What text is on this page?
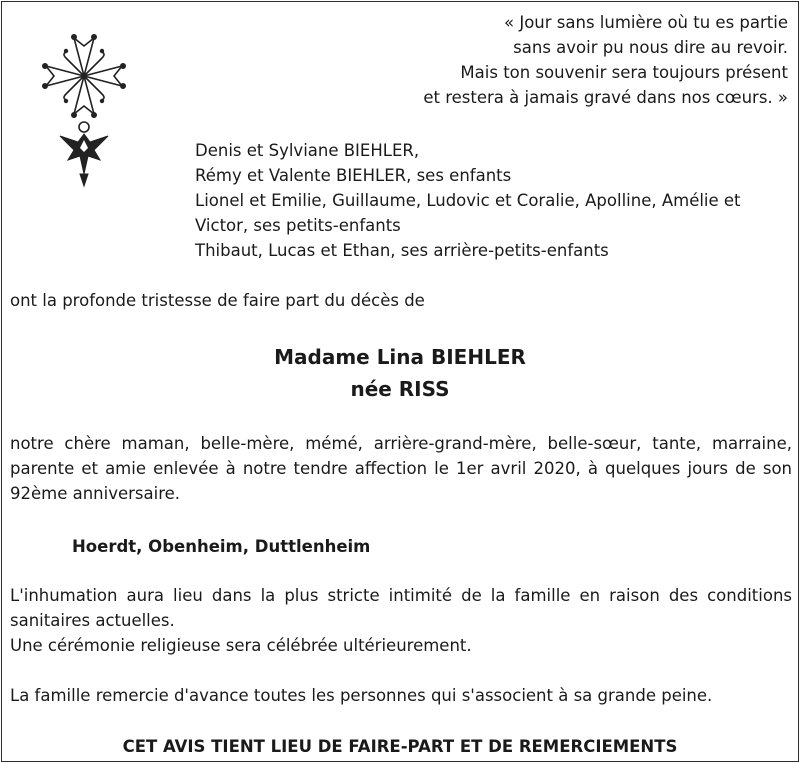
« Jour sans lumière où tu es partie
sans avoir pu nous dire au revoir.
Mais ton souvenir sera toujours présent
et restera à jamais gravé dans nos cœurs. »
Denis et Sylviane BIEHLER,
Rémy et Valente BIEHLER, ses enfants
Lionel et Emilie, Guillaume, Ludovic et Coralie, Apolline, Amélie et
Victor, ses petits-enfants
Thibaut, Lucas et Ethan, ses arrière-petits-enfants
ont la profonde tristesse de faire part du décès de
Madame Lina BIEHLER
née RISS
notre chère maman, belle-mère, mémé, arrière-grand-mère, belle-sœur, tante, marraine,
parente et amie enlevée à notre tendre affection le 1er avril 2020, à quelques jours de son
92ème anniversaire.
Hoerdt, Obenheim, Duttlenheim
L'inhumation aura lieu dans la plus stricte intimité de la famille en raison des conditions
sanitaires actuelles.
Une cérémonie religieuse sera célébrée ultérieurement.
La famille remercie d'avance toutes les personnes qui s'associent à sa grande peine.
CET AVIS TIENT LIEU DE FAIRE-PART ET DE REMERCIEMENTS
